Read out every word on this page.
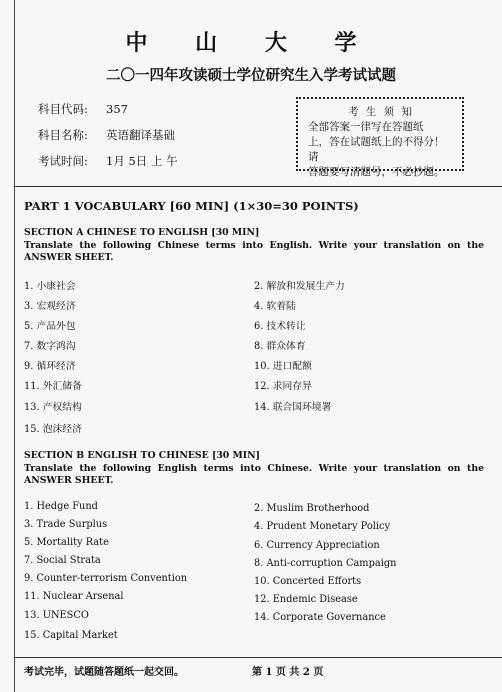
中 山 大 学
二〇一四年攻读硕士学位研究生入学考试试题
科目代码: 357
科目名称: 英语翻译基础
考试时间: 1月 5日 上 午
考 生 须 知
全部答案一律写在答题纸
上，答在试题纸上的不得分！请
答题要写清题号，不必抄题。
PART 1 VOCABULARY [60 MIN] (1×30=30 POINTS)
SECTION A CHINESE TO ENGLISH [30 MIN]
Translate the following Chinese terms into English. Write your translation on the ANSWER SHEET.
1. 小康社会
3. 宏观经济
5. 产品外包
7. 数字鸿沟
9. 循环经济
11. 外汇储备
13. 产权结构
15. 泡沫经济
2. 解放和发展生产力
4. 软着陆
6. 技术转让
8. 群众体育
10. 进口配额
12. 求同存异
14. 联合国环境署
SECTION B ENGLISH TO CHINESE [30 MIN]
Translate the following English terms into Chinese. Write your translation on the ANSWER SHEET.
1. Hedge Fund
3. Trade Surplus
5. Mortality Rate
7. Social Strata
9. Counter-terrorism Convention
11. Nuclear Arsenal
13. UNESCO
15. Capital Market
2. Muslim Brotherhood
4. Prudent Monetary Policy
6. Currency Appreciation
8. Anti-corruption Campaign
10. Concerted Efforts
12. Endemic Disease
14. Corporate Governance
考试完毕，试题随答题纸一起交回。	第 1 页 共 2 页
